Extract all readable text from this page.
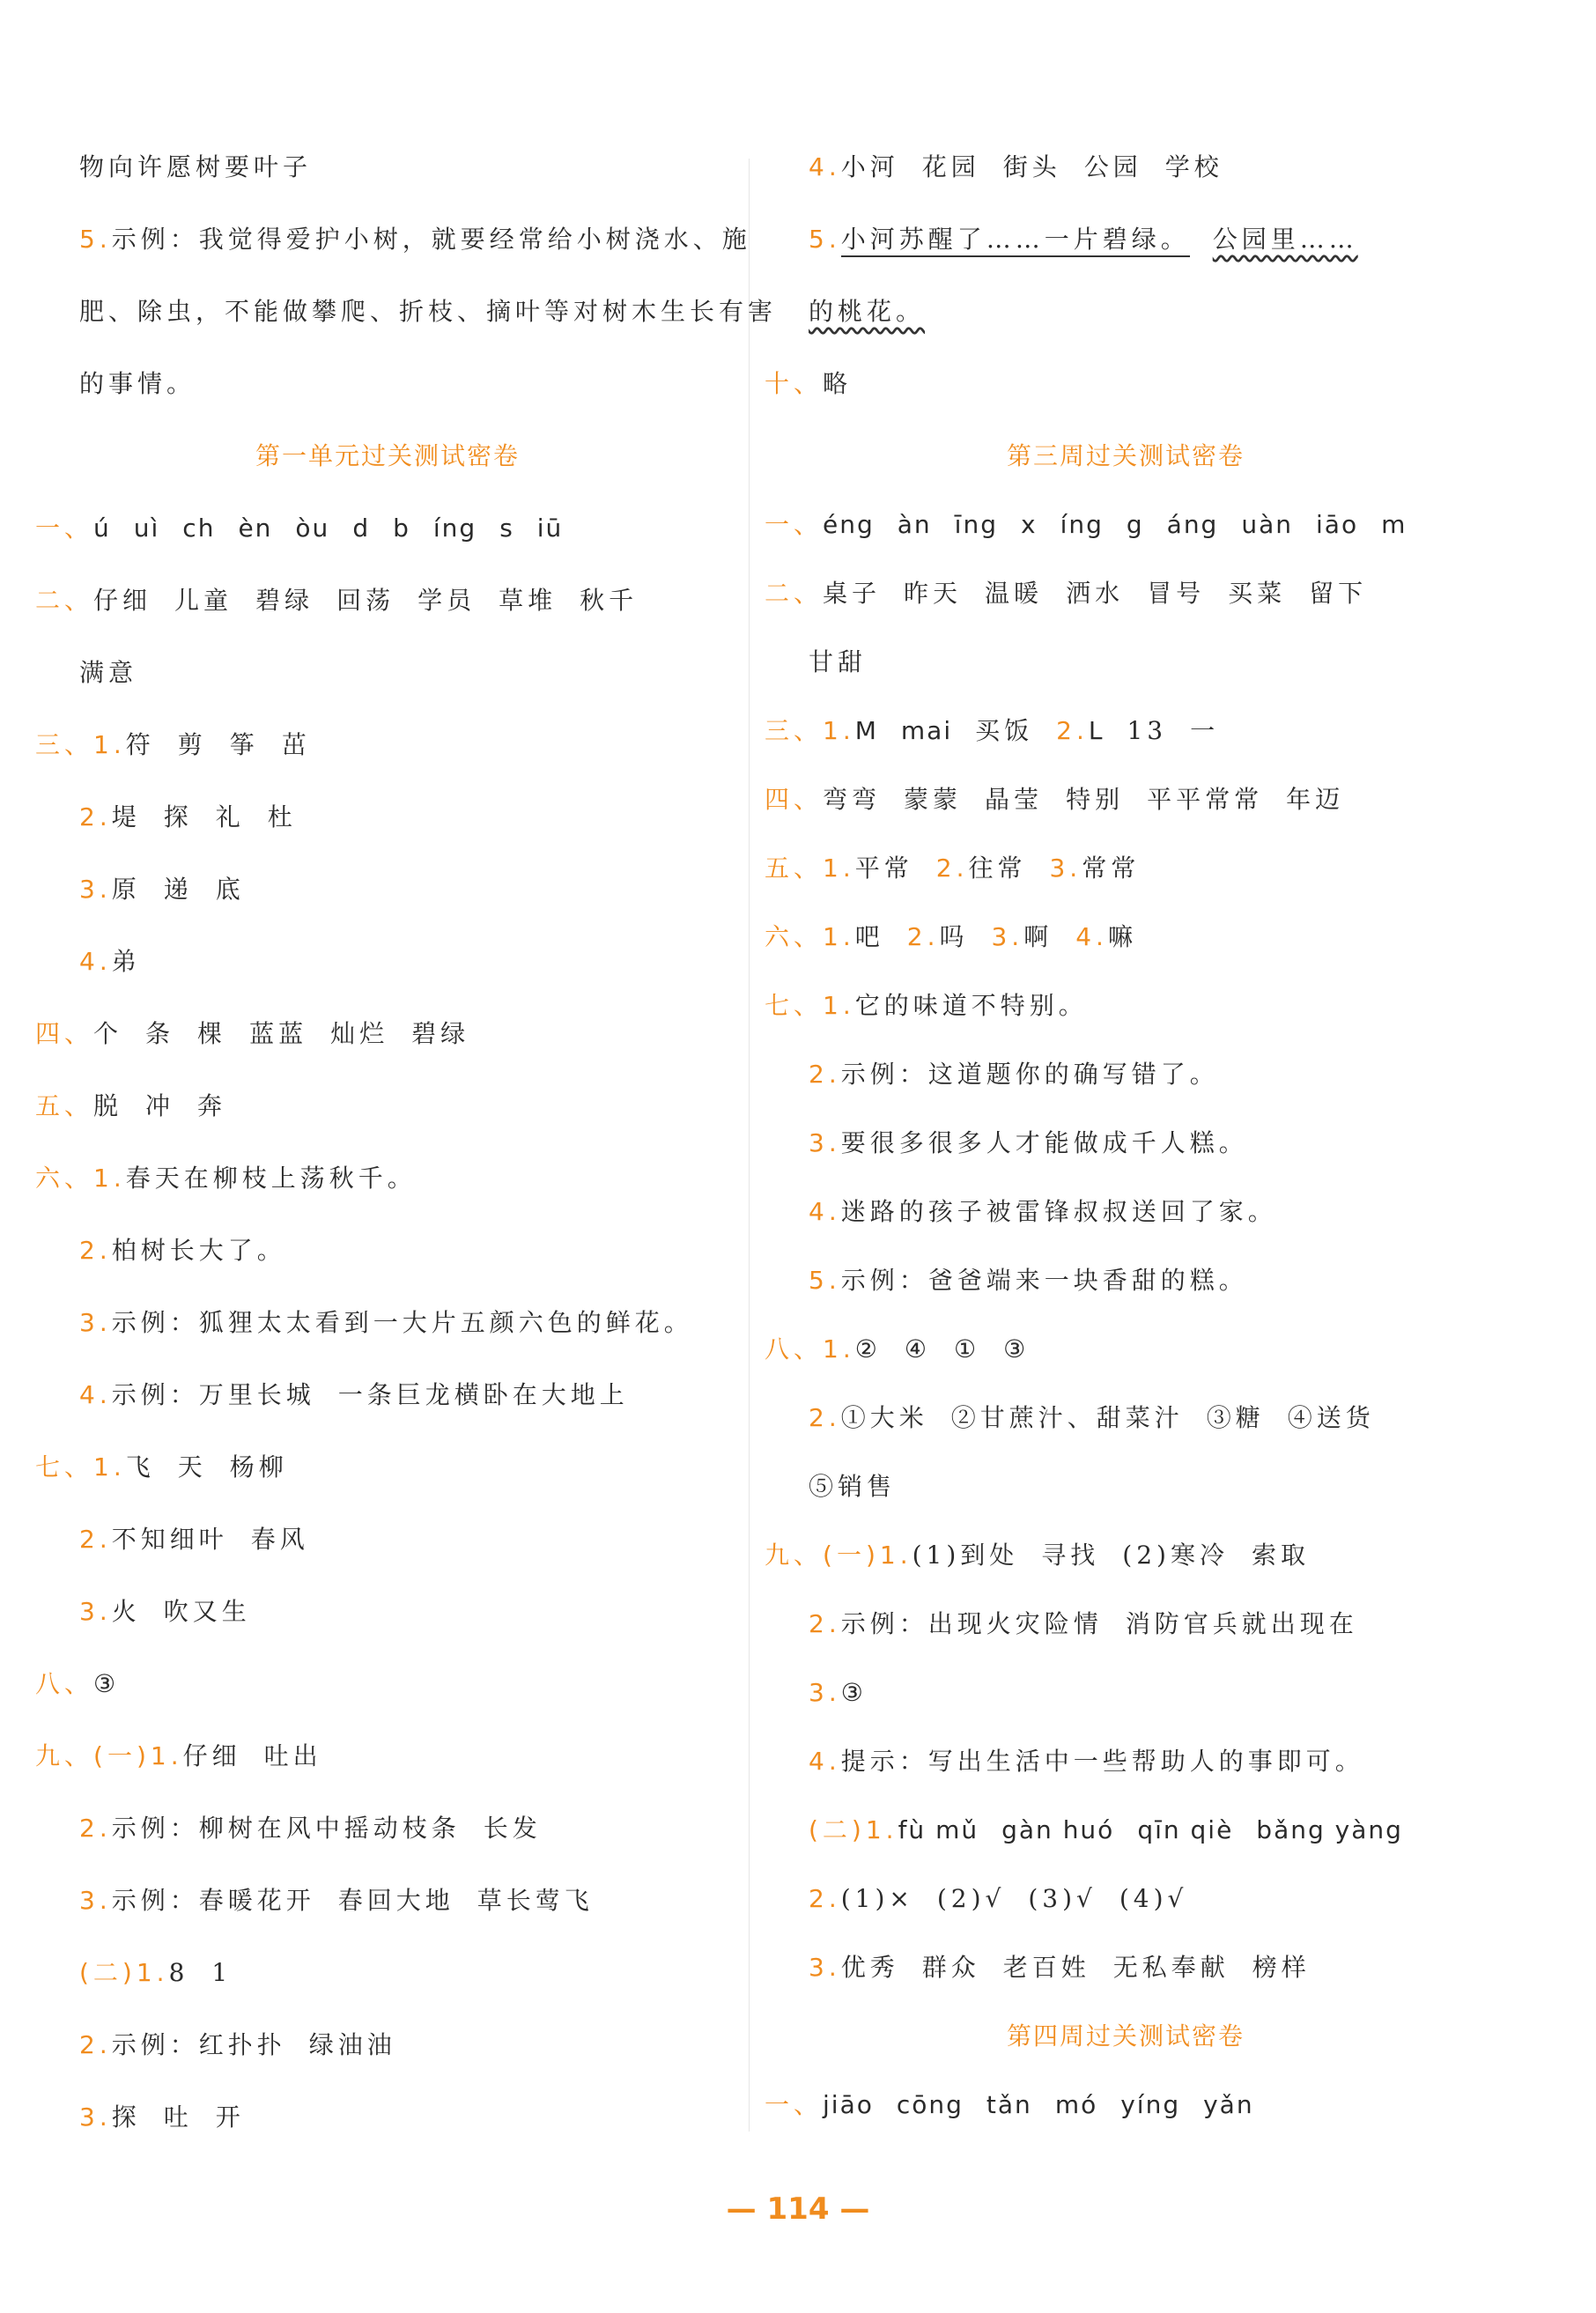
物向许愿树要叶子
5.示例：我觉得爱护小树，就要经常给小树浇水、施
肥、除虫，不能做攀爬、折枝、摘叶等对树木生长有害
的事情。
第一单元过关测试密卷
一、ú uì ch èn òu d b íng s iū
二、仔细 儿童 碧绿 回荡 学员 草堆 秋千
满意
三、1.符 剪 筝 茁
2.堤 探 礼 杜
3.原 递 底
4.弟
四、个 条 棵 蓝蓝 灿烂 碧绿
五、脱 冲 奔
六、1.春天在柳枝上荡秋千。
2.柏树长大了。
3.示例：狐狸太太看到一大片五颜六色的鲜花。
4.示例：万里长城 一条巨龙横卧在大地上
七、1.飞 天 杨柳
2.不知细叶 春风
3.火 吹又生
八、③
九、(一)1.仔细 吐出
2.示例：柳树在风中摇动枝条 长发
3.示例：春暖花开 春回大地 草长莺飞
(二)1.8 1
2.示例：红扑扑 绿油油
3.探 吐 开
4.小河 花园 街头 公园 学校
5.小河苏醒了……一片碧绿。 公园里……
的桃花。
十、略
第三周过关测试密卷
一、éng àn īng x íng g áng uàn iāo m
二、桌子 昨天 温暖 洒水 冒号 买菜 留下
甘甜
三、1.M mai 买饭 2.L 13 一
四、弯弯 蒙蒙 晶莹 特别 平平常常 年迈
五、1.平常 2.往常 3.常常
六、1.吧 2.吗 3.啊 4.嘛
七、1.它的味道不特别。
2.示例：这道题你的确写错了。
3.要很多很多人才能做成千人糕。
4.迷路的孩子被雷锋叔叔送回了家。
5.示例：爸爸端来一块香甜的糕。
八、1.② ④ ① ③
2.①大米 ②甘蔗汁、甜菜汁 ③糖 ④送货
⑤销售
九、(一)1.(1)到处 寻找 (2)寒冷 索取
2.示例：出现火灾险情 消防官兵就出现在
3.③
4.提示：写出生活中一些帮助人的事即可。
(二)1.fù mǔ gàn huó qīn qiè bǎng yàng
2.(1)× (2)√ (3)√ (4)√
3.优秀 群众 老百姓 无私奉献 榜样
第四周过关测试密卷
一、jiāo cōng tǎn mó yíng yǎn
— 114 —
